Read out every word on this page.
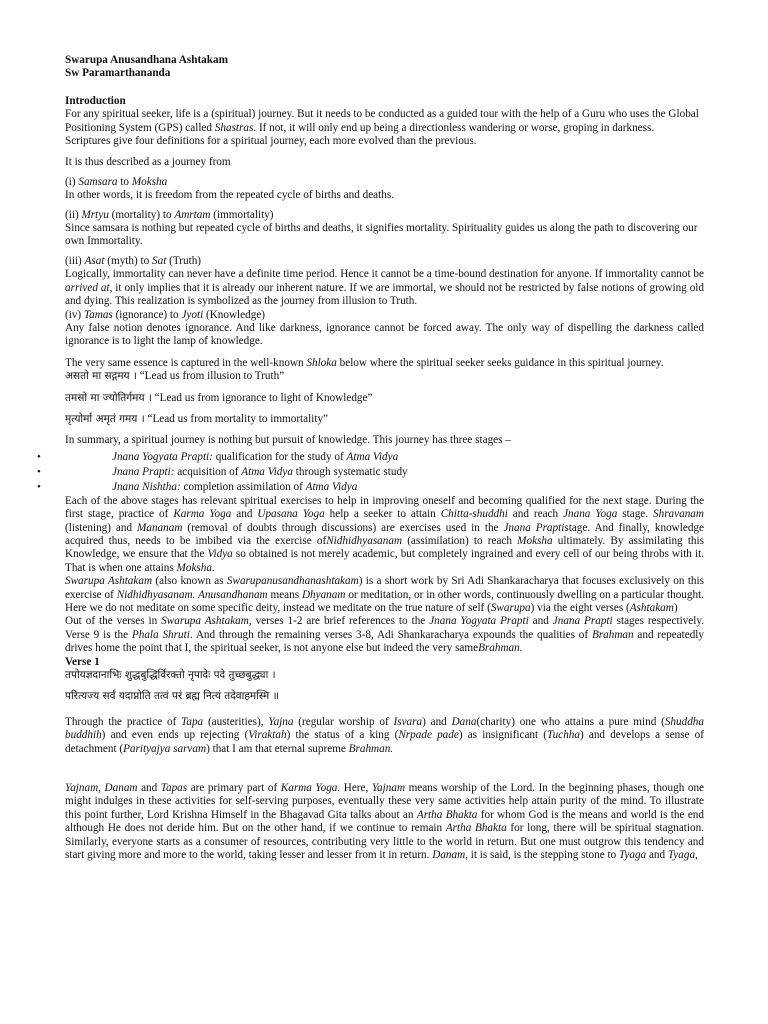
Swarupa Anusandhana Ashtakam

Sw Paramarthananda

Introduction

For any spiritual seeker, life is a (spiritual) journey. But it needs to be conducted as a guided tour with the help of a Guru who uses the Global Positioning System (GPS) called Shastras. If not, it will only end up being a directionless wandering or worse, groping in darkness.

Scriptures give four definitions for a spiritual journey, each more evolved than the previous.

It is thus described as a journey from

(i) Samsara to Moksha

In other words, it is freedom from the repeated cycle of births and deaths.

(ii) Mrtyu (mortality) to Amrtam (immortality)

Since samsara is nothing but repeated cycle of births and deaths, it signifies mortality. Spirituality guides us along the path to discovering our own Immortality.

(iii) Asat (myth) to Sat (Truth)

Logically, immortality can never have a definite time period. Hence it cannot be a time-bound destination for anyone. If immortality cannot be arrived at, it only implies that it is already our inherent nature. If we are immortal, we should not be restricted by false notions of growing old and dying. This realization is symbolized as the journey from illusion to Truth.

(iv) Tamas (ignorance) to Jyoti (Knowledge)

Any false notion denotes ignorance. And like darkness, ignorance cannot be forced away. The only way of dispelling the darkness called ignorance is to light the lamp of knowledge.

The very same essence is captured in the well-known Shloka below where the spiritual seeker seeks guidance in this spiritual journey.

असतो मा सद्गमय । “Lead us from illusion to Truth”

तमसो मा ज्योतिर्गमय । “Lead us from ignorance to light of Knowledge”

मृत्योर्मा अमृतं गमय । “Lead us from mortality to immortality”

In summary, a spiritual journey is nothing but pursuit of knowledge. This journey has three stages –

•	Jnana Yogyata Prapti: qualification for the study of Atma Vidya
•	Jnana Prapti: acquisition of Atma Vidya through systematic study
•	Jnana Nishtha: completion assimilation of Atma Vidya

Each of the above stages has relevant spiritual exercises to help in improving oneself and becoming qualified for the next stage. During the first stage, practice of Karma Yoga and Upasana Yoga help a seeker to attain Chitta-shuddhi and reach Jnana Yoga stage. Shravanam (listening) and Mananam (removal of doubts through discussions) are exercises used in the Jnana Praptistage. And finally, knowledge acquired thus, needs to be imbibed via the exercise ofNidhidhyasanam (assimilation) to reach Moksha ultimately. By assimilating this Knowledge, we ensure that the Vidya so obtained is not merely academic, but completely ingrained and every cell of our being throbs with it. That is when one attains Moksha.

Swarupa Ashtakam (also known as Swarupanusandhanashtakam) is a short work by Sri Adi Shankaracharya that focuses exclusively on this exercise of Nidhidhyasanam. Anusandhanam means Dhyanam or meditation, or in other words, continuously dwelling on a particular thought. Here we do not meditate on some specific deity, instead we meditate on the true nature of self (Swarupa) via the eight verses (Ashtakam)

Out of the verses in Swarupa Ashtakam, verses 1-2 are brief references to the Jnana Yogyata Prapti and Jnana Prapti stages respectively. Verse 9 is the Phala Shruti. And through the remaining verses 3-8, Adi Shankaracharya expounds the qualities of Brahman and repeatedly drives home the point that I, the spiritual seeker, is not anyone else but indeed the very sameBrahman.

Verse 1

तपोयज्ञदानाभिः शुद्धबुद्धिर्विरक्तो नृपादेः पदे तुच्छबुद्ध्या ।

परित्यज्य सर्वं यदाप्नोति तत्वं परं ब्रह्म नित्यं तदेवाहमस्मि ॥

Through the practice of Tapa (austerities), Yajna (regular worship of Isvara) and Dana(charity) one who attains a pure mind (Shuddha buddhih) and even ends up rejecting (Viraktah) the status of a king (Nrpade pade) as insignificant (Tuchha) and develops a sense of detachment (Parityajya sarvam) that I am that eternal supreme Brahman.

Yajnam, Danam and Tapas are primary part of Karma Yoga. Here, Yajnam means worship of the Lord. In the beginning phases, though one might indulges in these activities for self-serving purposes, eventually these very same activities help attain purity of the mind. To illustrate this point further, Lord Krishna Himself in the Bhagavad Gita talks about an Artha Bhakta for whom God is the means and world is the end although He does not deride him. But on the other hand, if we continue to remain Artha Bhakta for long, there will be spiritual stagnation. Similarly, everyone starts as a consumer of resources, contributing very little to the world in return. But one must outgrow this tendency and start giving more and more to the world, taking lesser and lesser from it in return. Danam, it is said, is the stepping stone to Tyaga and Tyaga,
